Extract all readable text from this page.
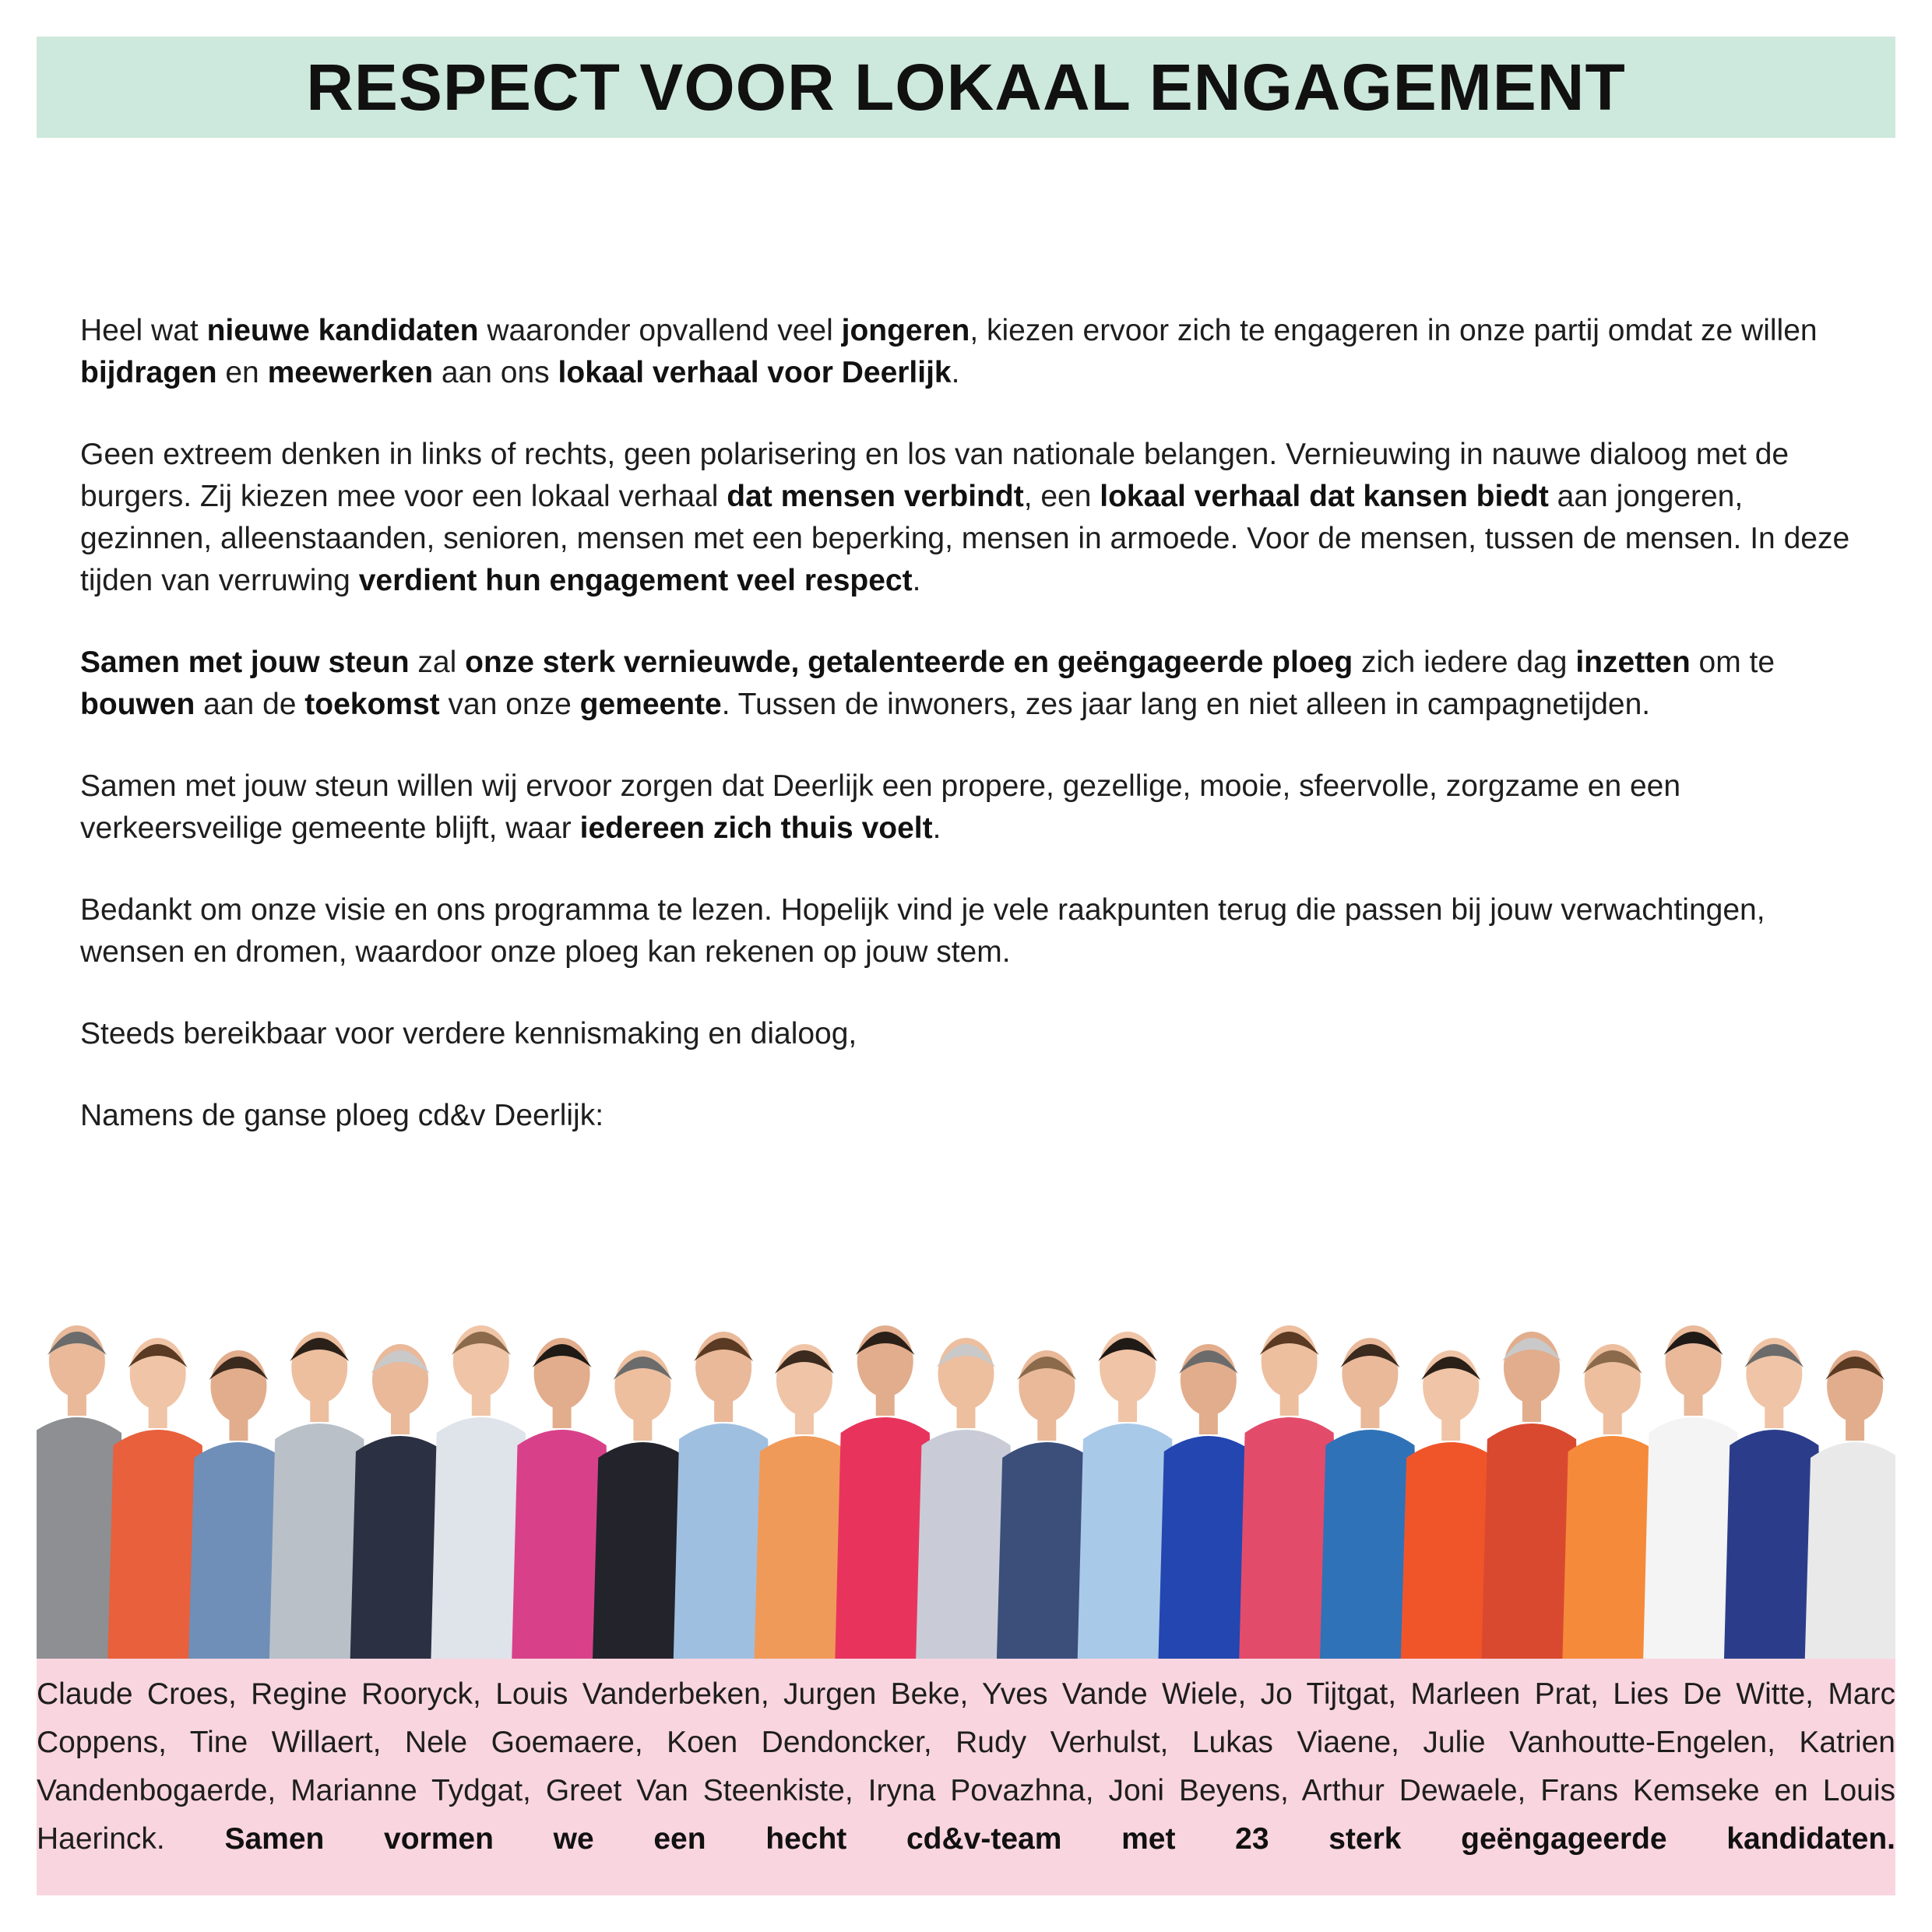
RESPECT VOOR LOKAAL ENGAGEMENT

Heel wat nieuwe kandidaten waaronder opvallend veel jongeren, kiezen ervoor zich te engageren in onze partij omdat ze willen bijdragen en meewerken aan ons lokaal verhaal voor Deerlijk.

Geen extreem denken in links of rechts, geen polarisering en los van nationale belangen. Vernieuwing in nauwe dialoog met de burgers. Zij kiezen mee voor een lokaal verhaal dat mensen verbindt, een lokaal verhaal dat kansen biedt aan jongeren, gezinnen, alleenstaanden, senioren, mensen met een beperking, mensen in armoede. Voor de mensen, tussen de mensen. In deze tijden van verruwing verdient hun engagement veel respect.

Samen met jouw steun zal onze sterk vernieuwde, getalenteerde en geëngageerde ploeg zich iedere dag inzetten om te bouwen aan de toekomst van onze gemeente. Tussen de inwoners, zes jaar lang en niet alleen in campagnetijden.

Samen met jouw steun willen wij ervoor zorgen dat Deerlijk een propere, gezellige, mooie, sfeervolle, zorgzame en een verkeersveilige gemeente blijft, waar iedereen zich thuis voelt.

Bedankt om onze visie en ons programma te lezen. Hopelijk vind je vele raakpunten terug die passen bij jouw verwachtingen, wensen en dromen, waardoor onze ploeg kan rekenen op jouw stem.

Steeds bereikbaar voor verdere kennismaking en dialoog,

Namens de ganse ploeg cd&v Deerlijk:

Claude Croes, Regine Rooryck, Louis Vanderbeken, Jurgen Beke, Yves Vande Wiele, Jo Tijtgat, Marleen Prat, Lies De Witte, Marc Coppens, Tine Willaert, Nele Goemaere, Koen Dendoncker, Rudy Verhulst, Lukas Viaene, Julie Vanhoutte-Engelen, Katrien Vandenbogaerde, Marianne Tydgat, Greet Van Steenkiste, Iryna Povazhna, Joni Beyens, Arthur Dewaele, Frans Kemseke en Louis Haerinck. Samen vormen we een hecht cd&v-team met 23 sterk geëngageerde kandidaten.
